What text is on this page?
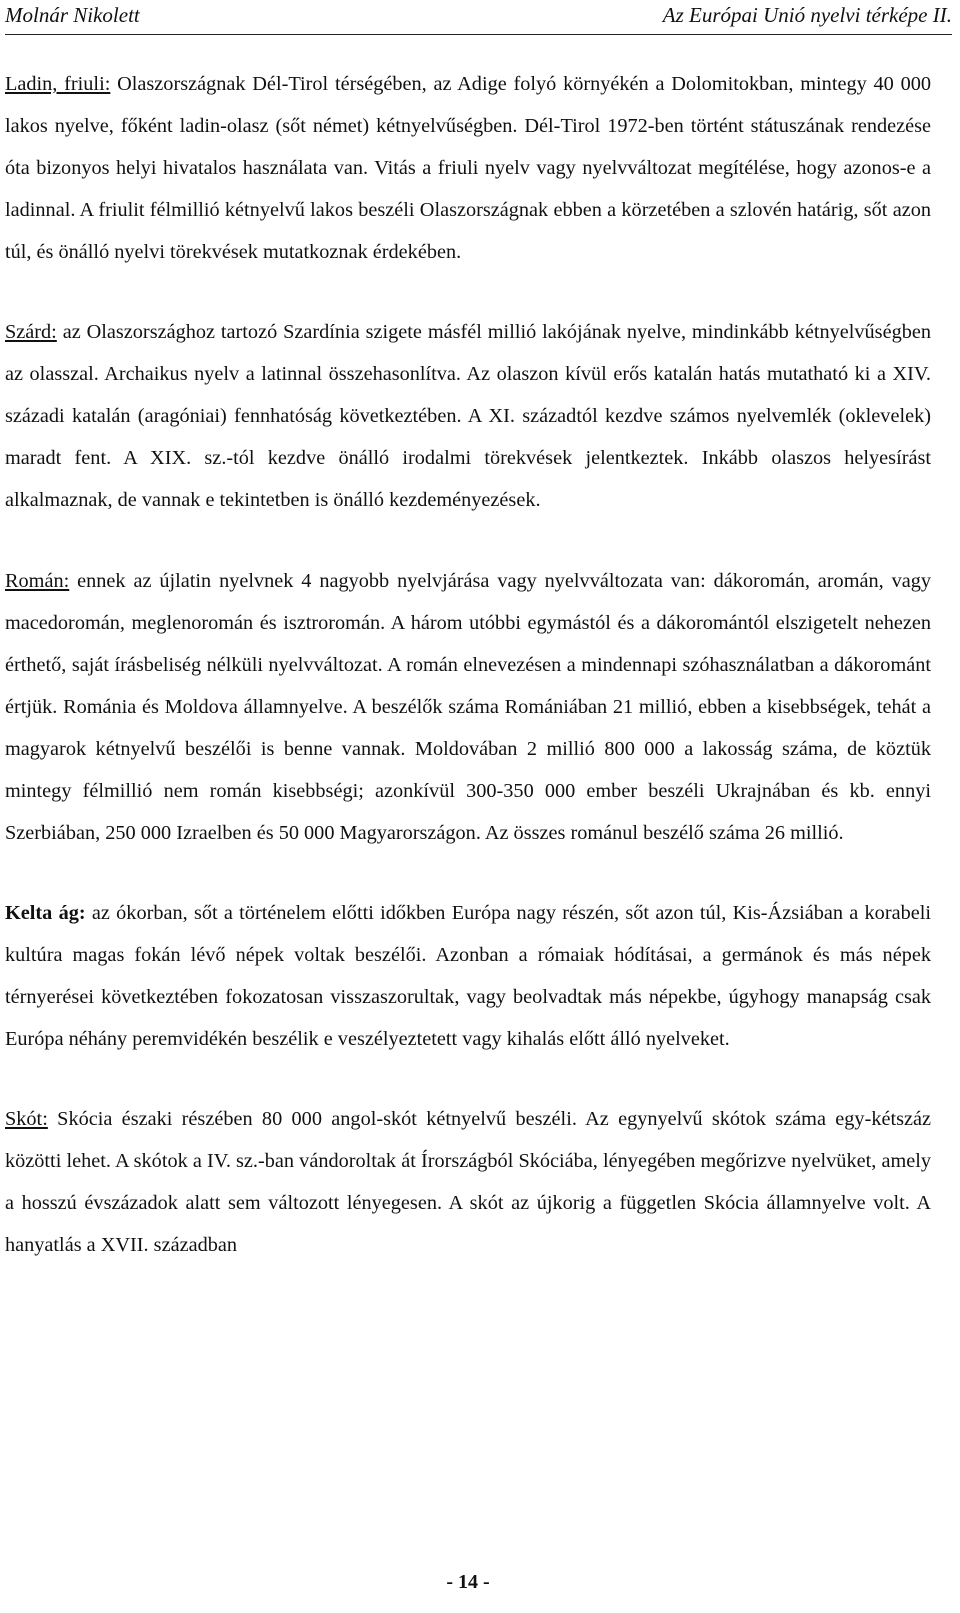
Molnár Nikolett	Az Európai Unió nyelvi térképe II.

Ladin, friuli: Olaszországnak Dél-Tirol térségében, az Adige folyó környékén a Dolomitokban, mintegy 40 000 lakos nyelve, főként ladin-olasz (sőt német) kétnyelvűségben. Dél-Tirol 1972-ben történt státuszának rendezése óta bizonyos helyi hivatalos használata van. Vitás a friuli nyelv vagy nyelvváltozat megítélése, hogy azonos-e a ladinnal. A friulit félmillió kétnyelvű lakos beszéli Olaszországnak ebben a körzetében a szlovén határig, sőt azon túl, és önálló nyelvi törekvések mutatkoznak érdekében.

Szárd: az Olaszországhoz tartozó Szardínia szigete másfél millió lakójának nyelve, mindinkább kétnyelvűségben az olasszal. Archaikus nyelv a latinnal összehasonlítva. Az olaszon kívül erős katalán hatás mutatható ki a XIV. századi katalán (aragóniai) fennhatóság következtében. A XI. századtól kezdve számos nyelvemlék (oklevelek) maradt fent. A XIX. sz.-tól kezdve önálló irodalmi törekvések jelentkeztek. Inkább olaszos helyesírást alkalmaznak, de vannak e tekintetben is önálló kezdeményezések.

Román: ennek az újlatin nyelvnek 4 nagyobb nyelvjárása vagy nyelvváltozata van: dákoromán, aromán, vagy macedoromán, meglenoromán és isztroromán. A három utóbbi egymástól és a dákoromántól elszigetelt nehezen érthető, saját írásbeliség nélküli nyelvváltozat. A román elnevezésen a mindennapi szóhasználatban a dákorománt értjük. Románia és Moldova államnyelve. A beszélők száma Romániában 21 millió, ebben a kisebbségek, tehát a magyarok kétnyelvű beszélői is benne vannak. Moldovában 2 millió 800 000 a lakosság száma, de köztük mintegy félmillió nem román kisebbségi; azonkívül 300-350 000 ember beszéli Ukrajnában és kb. ennyi Szerbiában, 250 000 Izraelben és 50 000 Magyarországon. Az összes románul beszélő száma 26 millió.

Kelta ág: az ókorban, sőt a történelem előtti időkben Európa nagy részén, sőt azon túl, Kis-Ázsiában a korabeli kultúra magas fokán lévő népek voltak beszélői. Azonban a rómaiak hódításai, a germánok és más népek térnyerései következtében fokozatosan visszaszorultak, vagy beolvadtak más népekbe, úgyhogy manapság csak Európa néhány peremvidékén beszélik e veszélyeztetett vagy kihalás előtt álló nyelveket.

Skót: Skócia északi részében 80 000 angol-skót kétnyelvű beszéli. Az egynyelvű skótok száma egy-kétszáz közötti lehet. A skótok a IV. sz.-ban vándoroltak át Írországból Skóciába, lényegében megőrizve nyelvüket, amely a hosszú évszázadok alatt sem változott lényegesen. A skót az újkorig a független Skócia államnyelve volt. A hanyatlás a XVII. században

- 14 -
